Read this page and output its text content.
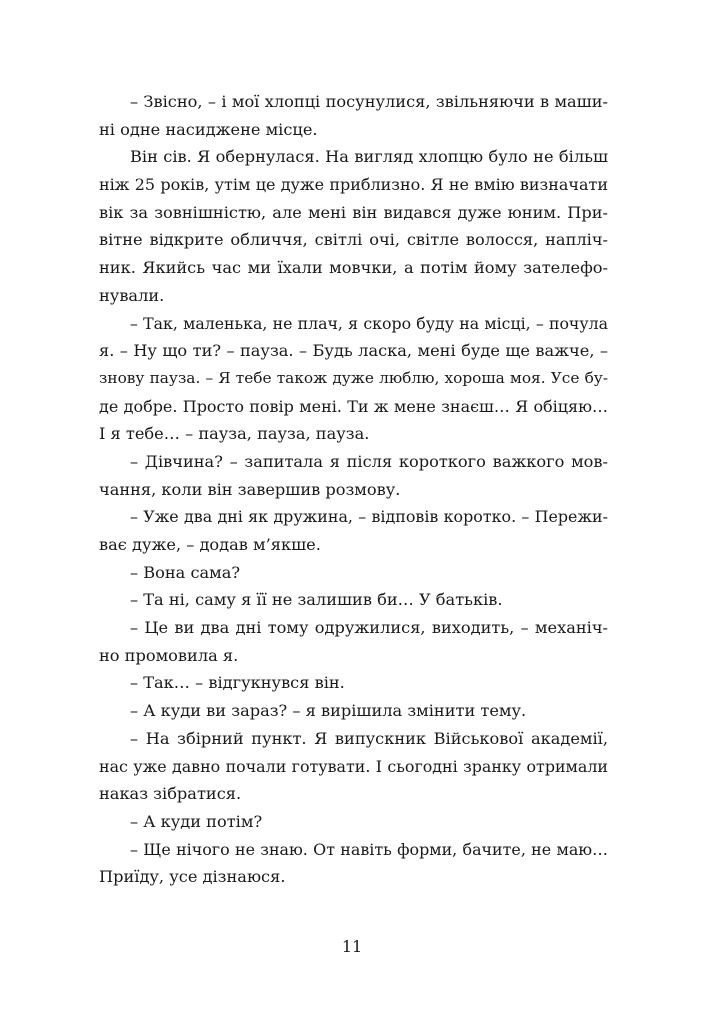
– Звісно, – і мої хлопці посунулися, звільняючи в маши-
ні одне насиджене місце.
Він сів. Я обернулася. На вигляд хлопцю було не більш
ніж 25 років, утім це дуже приблизно. Я не вмію визначати
вік за зовнішністю, але мені він видався дуже юним. При-
вітне відкрите обличчя, світлі очі, світле волосся, напліч-
ник. Якийсь час ми їхали мовчки, а потім йому зателефо-
нували.
– Так, маленька, не плач, я скоро буду на місці, – почула
я. – Ну що ти? – пауза. – Будь ласка, мені буде ще важче, –
знову пауза. – Я тебе також дуже люблю, хороша моя. Усе бу-
де добре. Просто повір мені. Ти ж мене знаєш… Я обіцяю…
І я тебе… – пауза, пауза, пауза.
– Дівчина? – запитала я після короткого важкого мов-
чання, коли він завершив розмову.
– Уже два дні як дружина, – відповів коротко. – Пережи-
ває дуже, – додав м’якше.
– Вона сама?
– Та ні, саму я її не залишив би… У батьків.
– Це ви два дні тому одружилися, виходить, – механіч-
но промовила я.
– Так… – відгукнувся він.
– А куди ви зараз? – я вирішила змінити тему.
– На збірний пункт. Я випускник Військової академії,
нас уже давно почали готувати. І сьогодні зранку отримали
наказ зібратися.
– А куди потім?
– Ще нічого не знаю. От навіть форми, бачите, не маю…
Приїду, усе дізнаюся.
11
